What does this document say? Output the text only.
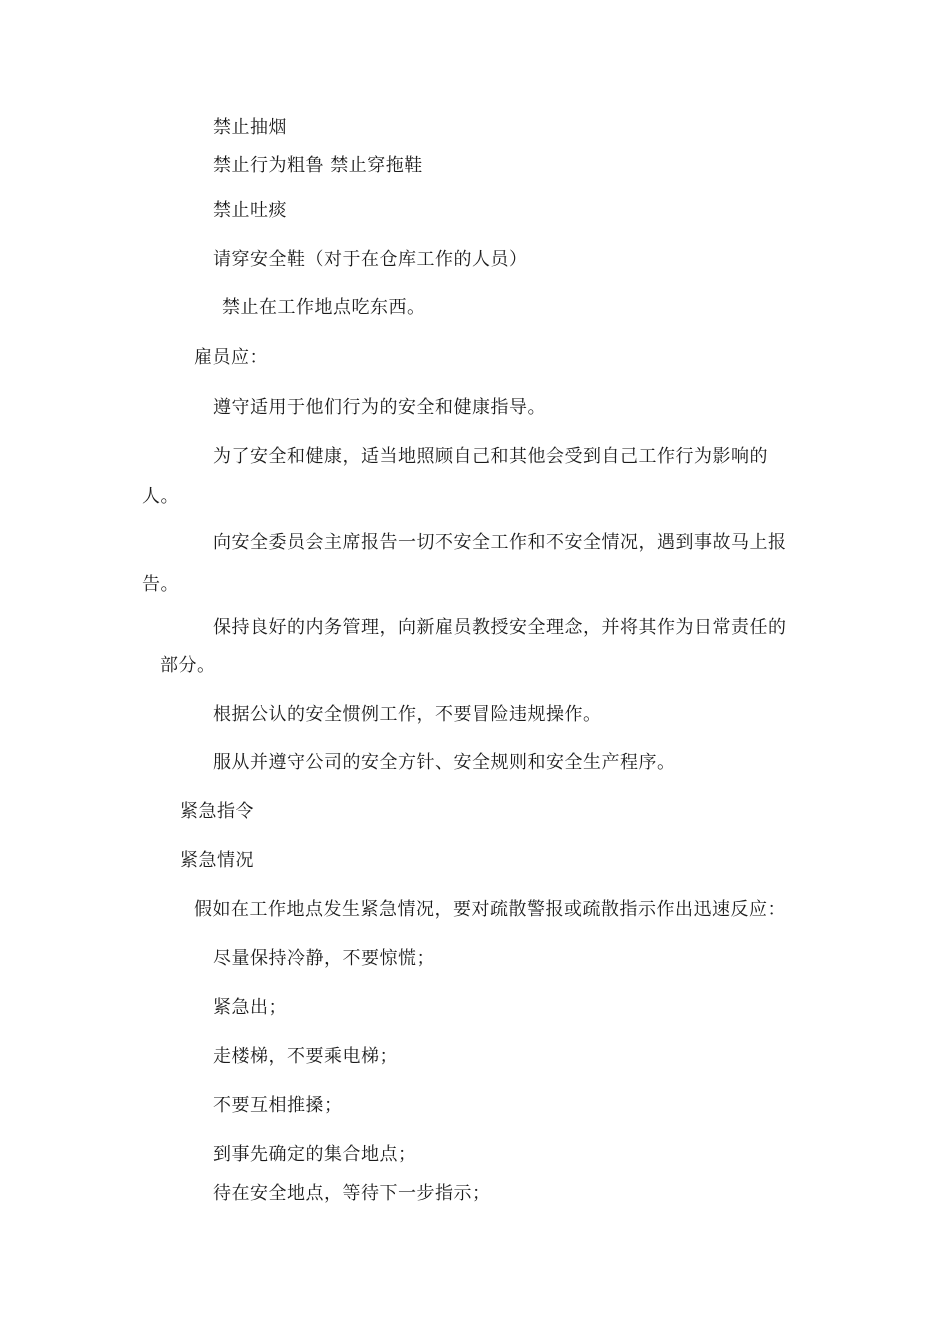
禁止抽烟
禁止行为粗鲁 禁止穿拖鞋
禁止吐痰
请穿安全鞋（对于在仓库工作的人员）
禁止在工作地点吃东西。
雇员应：
遵守适用于他们行为的安全和健康指导。
为了安全和健康，适当地照顾自己和其他会受到自己工作行为影响的
人。
向安全委员会主席报告一切不安全工作和不安全情况，遇到事故马上报
告。
保持良好的内务管理，向新雇员教授安全理念，并将其作为日常责任的
部分。
根据公认的安全惯例工作，不要冒险违规操作。
服从并遵守公司的安全方针、安全规则和安全生产程序。
紧急指令
紧急情况
假如在工作地点发生紧急情况，要对疏散警报或疏散指示作出迅速反应：
尽量保持冷静，不要惊慌；
紧急出；
走楼梯，不要乘电梯；
不要互相推搡；
到事先确定的集合地点；
待在安全地点，等待下一步指示；
